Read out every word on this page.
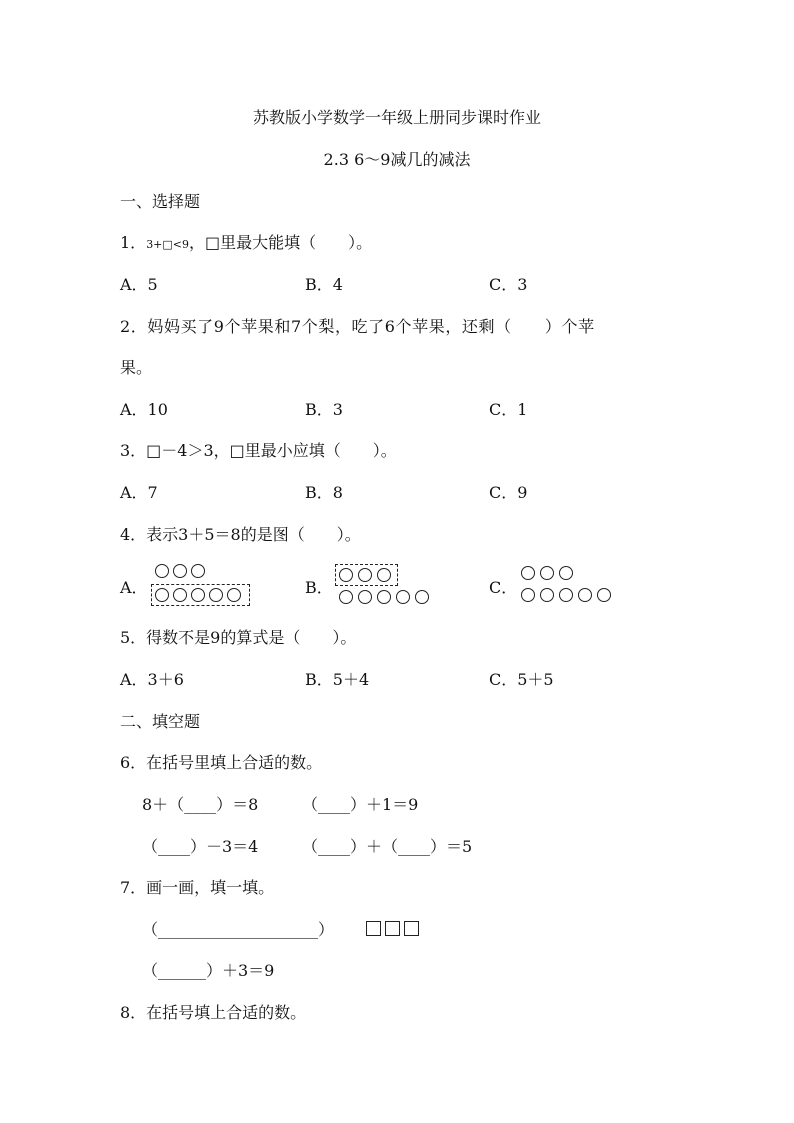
苏教版小学数学一年级上册同步课时作业
2.3 6～9减几的减法
一、选择题
1．3+□<9，□里最大能填（　　）。
A．5	B．4	C．3
2．妈妈买了9个苹果和7个梨，吃了6个苹果，还剩（　　）个苹
果。
A．10	B．3	C．1
3．□－4＞3，□里最小应填（　　）。
A．7	B．8	C．9
4．表示3＋5＝8的是图（　　）。
A．	B．	C．
5．得数不是9的算式是（　　）。
A．3＋6	B．5＋4	C．5＋5
二、填空题
6．在括号里填上合适的数。
8＋（____）＝8	（____）＋1＝9
（____）－3＝4	（____）＋（____）＝5
7．画一画，填一填。
（____________________）
（______）＋3＝9
8．在括号填上合适的数。
